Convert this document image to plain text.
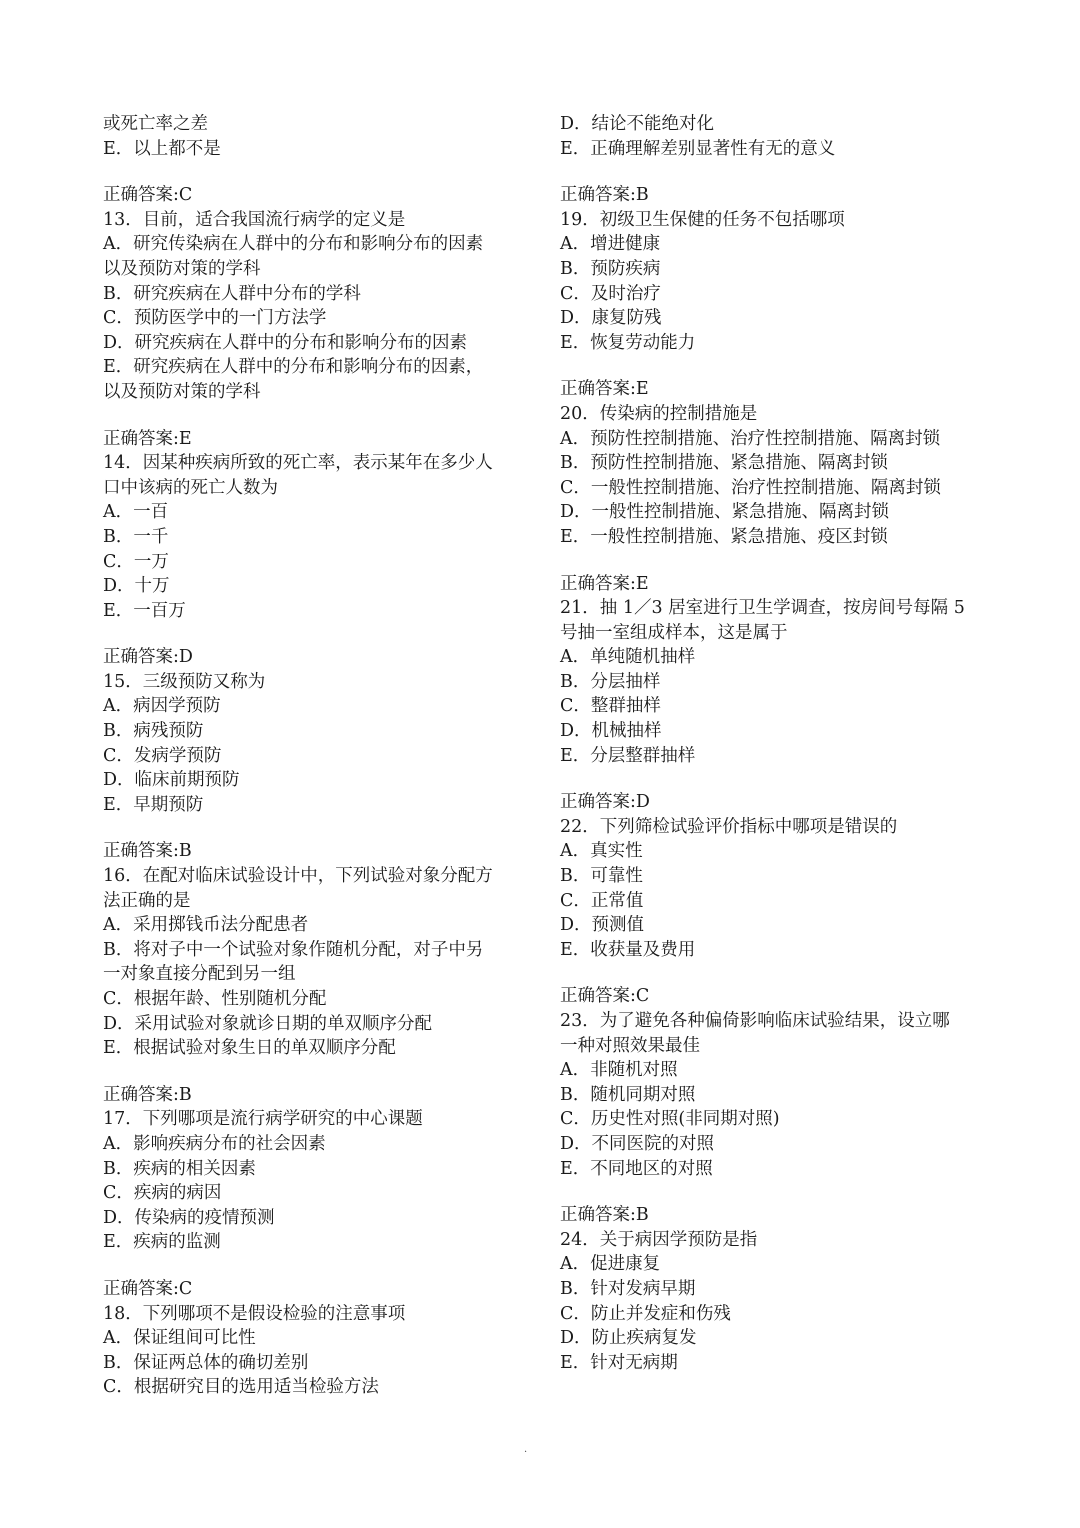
或死亡率之差
E．以上都不是
正确答案:C
13．目前，适合我国流行病学的定义是
A．研究传染病在人群中的分布和影响分布的因素
以及预防对策的学科
B．研究疾病在人群中分布的学科
C．预防医学中的一门方法学
D．研究疾病在人群中的分布和影响分布的因素
E．研究疾病在人群中的分布和影响分布的因素，
以及预防对策的学科
正确答案:E
14．因某种疾病所致的死亡率，表示某年在多少人
口中该病的死亡人数为
A．一百
B．一千
C．一万
D．十万
E．一百万
正确答案:D
15．三级预防又称为
A．病因学预防
B．病残预防
C．发病学预防
D．临床前期预防
E．早期预防
正确答案:B
16．在配对临床试验设计中，下列试验对象分配方
法正确的是
A．采用掷钱币法分配患者
B．将对子中一个试验对象作随机分配，对子中另
一对象直接分配到另一组
C．根据年龄、性别随机分配
D．采用试验对象就诊日期的单双顺序分配
E．根据试验对象生日的单双顺序分配
正确答案:B
17．下列哪项是流行病学研究的中心课题
A．影响疾病分布的社会因素
B．疾病的相关因素
C．疾病的病因
D．传染病的疫情预测
E．疾病的监测
正确答案:C
18．下列哪项不是假设检验的注意事项
A．保证组间可比性
B．保证两总体的确切差别
C．根据研究目的选用适当检验方法
D．结论不能绝对化
E．正确理解差别显著性有无的意义
正确答案:B
19．初级卫生保健的任务不包括哪项
A．增进健康
B．预防疾病
C．及时治疗
D．康复防残
E．恢复劳动能力
正确答案:E
20．传染病的控制措施是
A．预防性控制措施、治疗性控制措施、隔离封锁
B．预防性控制措施、紧急措施、隔离封锁
C．一般性控制措施、治疗性控制措施、隔离封锁
D．一般性控制措施、紧急措施、隔离封锁
E．一般性控制措施、紧急措施、疫区封锁
正确答案:E
21．抽 1／3 居室进行卫生学调查，按房间号每隔 5
号抽一室组成样本，这是属于
A．单纯随机抽样
B．分层抽样
C．整群抽样
D．机械抽样
E．分层整群抽样
正确答案:D
22．下列筛检试验评价指标中哪项是错误的
A．真实性
B．可靠性
C．正常值
D．预测值
E．收获量及费用
正确答案:C
23．为了避免各种偏倚影响临床试验结果，设立哪
一种对照效果最佳
A．非随机对照
B．随机同期对照
C．历史性对照(非同期对照)
D．不同医院的对照
E．不同地区的对照
正确答案:B
24．关于病因学预防是指
A．促进康复
B．针对发病早期
C．防止并发症和伤残
D．防止疾病复发
E．针对无病期
·
